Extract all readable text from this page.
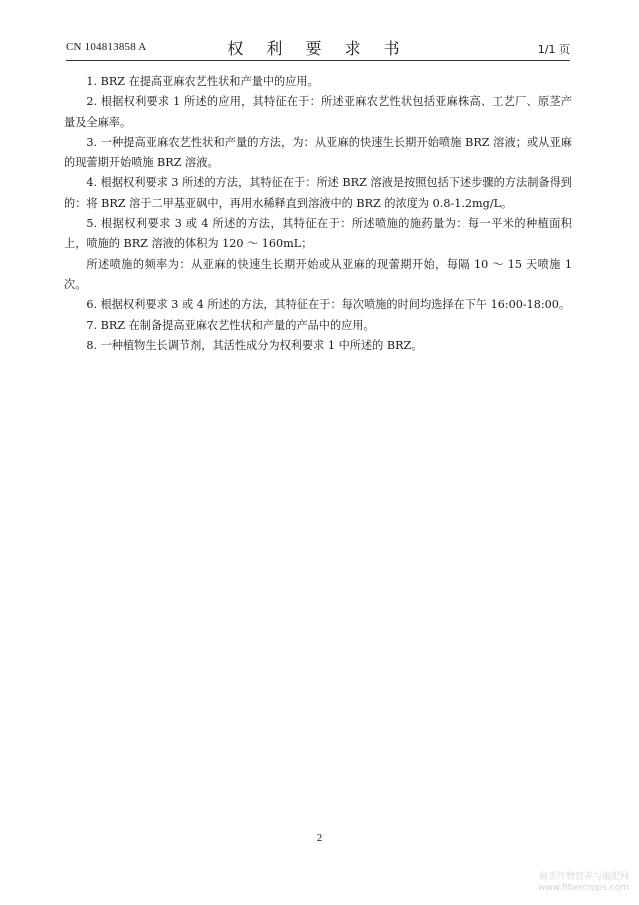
CN 104813858 A	权 利 要 求 书	1/1 页
1. BRZ 在提高亚麻农艺性状和产量中的应用。
2. 根据权利要求 1 所述的应用，其特征在于：所述亚麻农艺性状包括亚麻株高、工艺厂、原茎产量及全麻率。
3. 一种提高亚麻农艺性状和产量的方法，为：从亚麻的快速生长期开始喷施 BRZ 溶液；或从亚麻的现蕾期开始喷施 BRZ 溶液。
4. 根据权利要求 3 所述的方法，其特征在于：所述 BRZ 溶液是按照包括下述步骤的方法制备得到的：将 BRZ 溶于二甲基亚砜中，再用水稀释直到溶液中的 BRZ 的浓度为 0.8-1.2mg/L。
5. 根据权利要求 3 或 4 所述的方法，其特征在于：所述喷施的施药量为：每一平米的种植面积上，喷施的 BRZ 溶液的体积为 120 ～ 160mL；
所述喷施的频率为：从亚麻的快速生长期开始或从亚麻的现蕾期开始，每隔 10 ～ 15 天喷施 1 次。
6. 根据权利要求 3 或 4 所述的方法，其特征在于：每次喷施的时间均选择在下午 16:00-18:00。
7. BRZ 在制备提高亚麻农艺性状和产量的产品中的应用。
8. 一种植物生长调节剂，其活性成分为权利要求 1 中所述的 BRZ。
2
麻类作物营养与施肥网
www.fibercrops.com
